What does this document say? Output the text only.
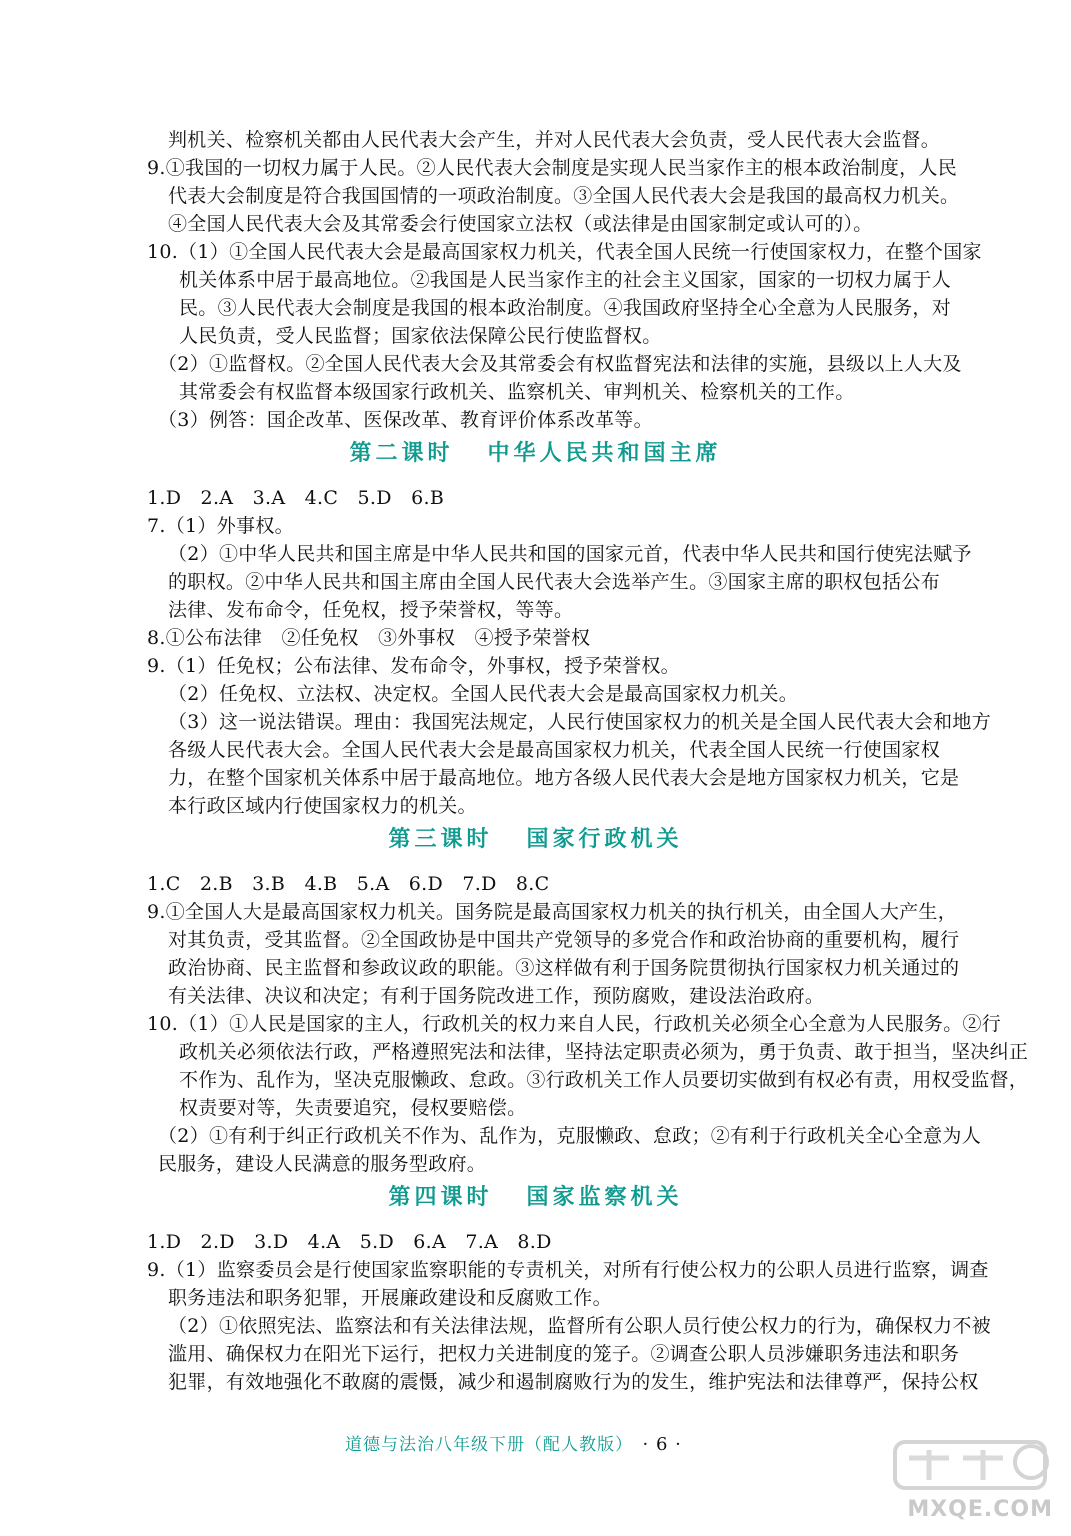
判机关、检察机关都由人民代表大会产生，并对人民代表大会负责，受人民代表大会监督。

9.①我国的一切权力属于人民。②人民代表大会制度是实现人民当家作主的根本政治制度，人民

代表大会制度是符合我国国情的一项政治制度。③全国人民代表大会是我国的最高权力机关。

④全国人民代表大会及其常委会行使国家立法权（或法律是由国家制定或认可的）。

10.（1）①全国人民代表大会是最高国家权力机关，代表全国人民统一行使国家权力，在整个国家

机关体系中居于最高地位。②我国是人民当家作主的社会主义国家，国家的一切权力属于人

民。③人民代表大会制度是我国的根本政治制度。④我国政府坚持全心全意为人民服务，对

人民负责，受人民监督；国家依法保障公民行使监督权。

（2）①监督权。②全国人民代表大会及其常委会有权监督宪法和法律的实施，县级以上人大及

其常委会有权监督本级国家行政机关、监察机关、审判机关、检察机关的工作。

（3）例答：国企改革、医保改革、教育评价体系改革等。

第二课时 中华人民共和国主席

1.D　2.A　3.A　4.C　5.D　6.B

7.（1）外事权。

（2）①中华人民共和国主席是中华人民共和国的国家元首，代表中华人民共和国行使宪法赋予

的职权。②中华人民共和国主席由全国人民代表大会选举产生。③国家主席的职权包括公布

法律、发布命令，任免权，授予荣誉权，等等。

8.①公布法律　②任免权　③外事权　④授予荣誉权

9.（1）任免权；公布法律、发布命令，外事权，授予荣誉权。

（2）任免权、立法权、决定权。全国人民代表大会是最高国家权力机关。

（3）这一说法错误。理由：我国宪法规定，人民行使国家权力的机关是全国人民代表大会和地方

各级人民代表大会。全国人民代表大会是最高国家权力机关，代表全国人民统一行使国家权

力，在整个国家机关体系中居于最高地位。地方各级人民代表大会是地方国家权力机关，它是

本行政区域内行使国家权力的机关。

第三课时 国家行政机关

1.C　2.B　3.B　4.B　5.A　6.D　7.D　8.C

9.①全国人大是最高国家权力机关。国务院是最高国家权力机关的执行机关，由全国人大产生，

对其负责，受其监督。②全国政协是中国共产党领导的多党合作和政治协商的重要机构，履行

政治协商、民主监督和参政议政的职能。③这样做有利于国务院贯彻执行国家权力机关通过的

有关法律、决议和决定；有利于国务院改进工作，预防腐败，建设法治政府。

10.（1）①人民是国家的主人，行政机关的权力来自人民，行政机关必须全心全意为人民服务。②行

政机关必须依法行政，严格遵照宪法和法律，坚持法定职责必须为，勇于负责、敢于担当，坚决纠正

不作为、乱作为，坚决克服懒政、怠政。③行政机关工作人员要切实做到有权必有责，用权受监督，

权责要对等，失责要追究，侵权要赔偿。

（2）①有利于纠正行政机关不作为、乱作为，克服懒政、怠政；②有利于行政机关全心全意为人

民服务，建设人民满意的服务型政府。

第四课时 国家监察机关

1.D　2.D　3.D　4.A　5.D　6.A　7.A　8.D

9.（1）监察委员会是行使国家监察职能的专责机关，对所有行使公权力的公职人员进行监察，调查

职务违法和职务犯罪，开展廉政建设和反腐败工作。

（2）①依照宪法、监察法和有关法律法规，监督所有公职人员行使公权力的行为，确保权力不被

滥用、确保权力在阳光下运行，把权力关进制度的笼子。②调查公职人员涉嫌职务违法和职务

犯罪，有效地强化不敢腐的震慑，减少和遏制腐败行为的发生，维护宪法和法律尊严，保持公权

道德与法治八年级下册（配人教版） · 6 ·

MXQE.COM
